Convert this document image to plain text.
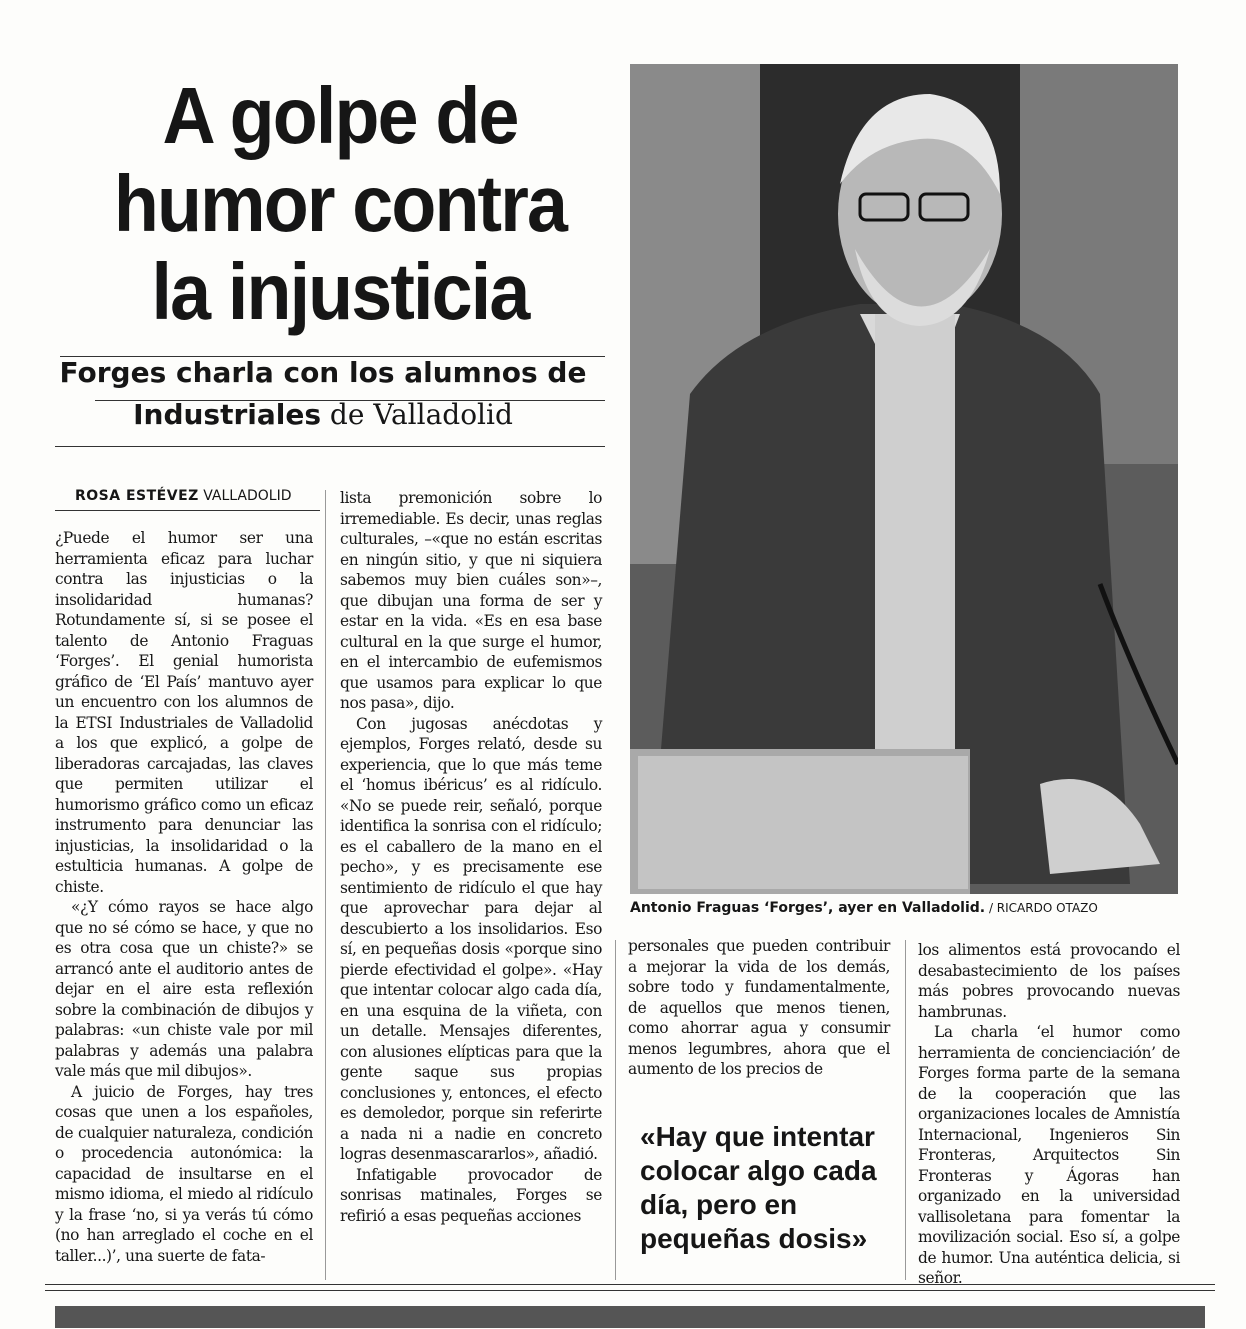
A golpe de
humor contra
la injusticia
Forges charla con los alumnos de
Industriales de Valladolid
ROSA ESTÉVEZ VALLADOLID

¿Puede el humor ser una herramienta eficaz para luchar contra las injusticias o la insolidaridad humanas? Rotundamente sí, si se posee el talento de Antonio Fraguas ‘Forges’. El genial humorista gráfico de ‘El País’ mantuvo ayer un encuentro con los alumnos de la ETSI Industriales de Valladolid a los que explicó, a golpe de liberadoras carcajadas, las claves que permiten utilizar el humorismo gráfico como un eficaz instrumento para denunciar las injusticias, la insolidaridad o la estulticia humanas. A golpe de chiste.

«¿Y cómo rayos se hace algo que no sé cómo se hace, y que no es otra cosa que un chiste?» se arrancó ante el auditorio antes de dejar en el aire esta reflexión sobre la combinación de dibujos y palabras: «un chiste vale por mil palabras y además una palabra vale más que mil dibujos».

A juicio de Forges, hay tres cosas que unen a los españoles, de cualquier naturaleza, condición o procedencia autonómica: la capacidad de insultarse en el mismo idioma, el miedo al ridículo y la frase ‘no, si ya verás tú cómo (no han arreglado el coche en el taller...)’, una suerte de fata-

lista premonición sobre lo irremediable. Es decir, unas reglas culturales, –«que no están escritas en ningún sitio, y que ni siquiera sabemos muy bien cuáles son»–, que dibujan una forma de ser y estar en la vida. «Es en esa base cultural en la que surge el humor, en el intercambio de eufemismos que usamos para explicar lo que nos pasa», dijo.

Con jugosas anécdotas y ejemplos, Forges relató, desde su experiencia, que lo que más teme el ‘homus ibéricus’ es al ridículo. «No se puede reir, señaló, porque identifica la sonrisa con el ridículo; es el caballero de la mano en el pecho», y es precisamente ese sentimiento de ridículo el que hay que aprovechar para dejar al descubierto a los insolidarios. Eso sí, en pequeñas dosis «porque sino pierde efectividad el golpe». «Hay que intentar colocar algo cada día, en una esquina de la viñeta, con un detalle. Mensajes diferentes, con alusiones elípticas para que la gente saque sus propias conclusiones y, entonces, el efecto es demoledor, porque sin referirte a nada ni a nadie en concreto logras desenmascararlos», añadió.

Infatigable provocador de sonrisas matinales, Forges se refirió a esas pequeñas acciones

Antonio Fraguas ‘Forges’, ayer en Valladolid. / RICARDO OTAZO

personales que pueden contribuir a mejorar la vida de los demás, sobre todo y fundamentalmente, de aquellos que menos tienen, como ahorrar agua y consumir menos legumbres, ahora que el aumento de los precios de

«Hay que intentar colocar algo cada día, pero en pequeñas dosis»

los alimentos está provocando el desabastecimiento de los países más pobres provocando nuevas hambrunas.

La charla ‘el humor como herramienta de concienciación’ de Forges forma parte de la semana de la cooperación que las organizaciones locales de Amnistía Internacional, Ingenieros Sin Fronteras, Arquitectos Sin Fronteras y Ágoras han organizado en la universidad vallisoletana para fomentar la movilización social. Eso sí, a golpe de humor. Una auténtica delicia, si señor.
